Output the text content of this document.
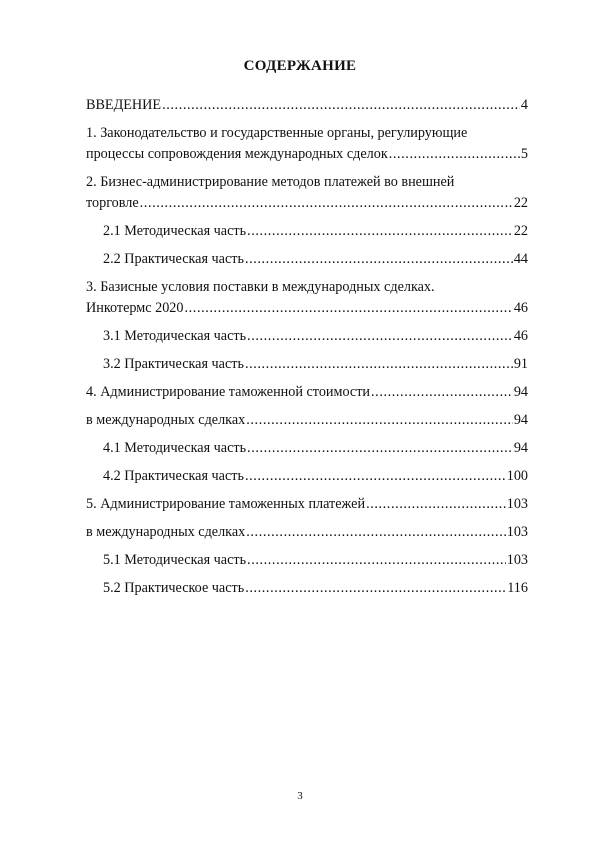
СОДЕРЖАНИЕ
ВВЕДЕНИЕ .....	4
1. Законодательство и государственные органы, регулирующие
процессы сопровождения международных сделок .....	5
2. Бизнес-администрирование методов платежей во внешней
торговле .....	22
2.1 Методическая часть .....	22
2.2 Практическая часть .....	44
3. Базисные условия поставки в международных сделках.
Инкотермс 2020 .....	46
3.1 Методическая часть .....	46
3.2 Практическая часть .....	91
4. Администрирование таможенной стоимости .....	94
в международных сделках .....	94
4.1 Методическая часть .....	94
4.2 Практическая часть .....	100
5. Администрирование таможенных платежей .....	103
в международных сделках .....	103
5.1 Методическая часть .....	103
5.2 Практическое часть .....	116
3
